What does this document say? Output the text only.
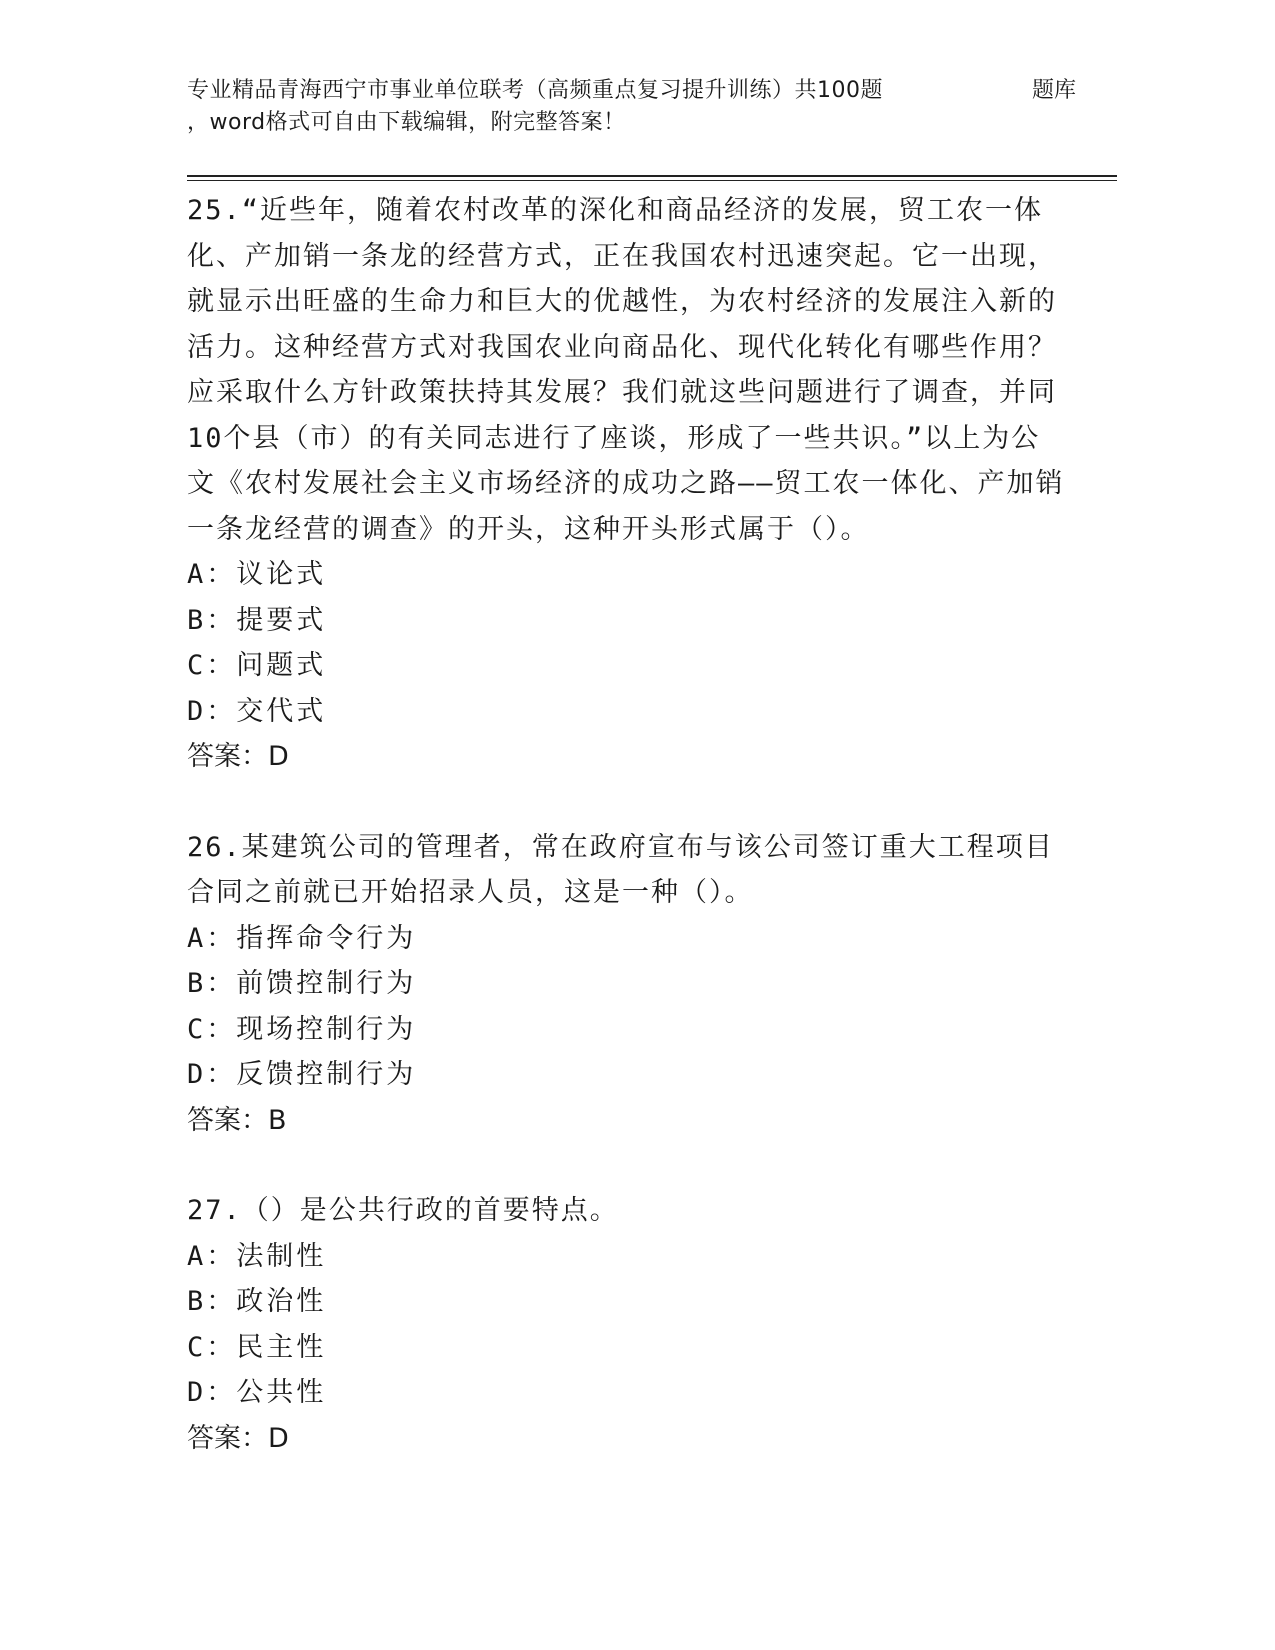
专业精品青海西宁市事业单位联考（高频重点复习提升训练）共100题	题库
，word格式可自由下载编辑，附完整答案！

25.“近些年，随着农村改革的深化和商品经济的发展，贸工农一体化、产加销一条龙的经营方式，正在我国农村迅速突起。它一出现，就显示出旺盛的生命力和巨大的优越性，为农村经济的发展注入新的活力。这种经营方式对我国农业向商品化、现代化转化有哪些作用？应采取什么方针政策扶持其发展？我们就这些问题进行了调查，并同10个县（市）的有关同志进行了座谈，形成了一些共识。”以上为公文《农村发展社会主义市场经济的成功之路——贸工农一体化、产加销一条龙经营的调查》的开头，这种开头形式属于（）。

A：议论式

B：提要式

C：问题式

D：交代式

答案：D

26.某建筑公司的管理者，常在政府宣布与该公司签订重大工程项目合同之前就已开始招录人员，这是一种（）。

A：指挥命令行为

B：前馈控制行为

C：现场控制行为

D：反馈控制行为

答案：B

27.（）是公共行政的首要特点。

A：法制性

B：政治性

C：民主性

D：公共性

答案：D
